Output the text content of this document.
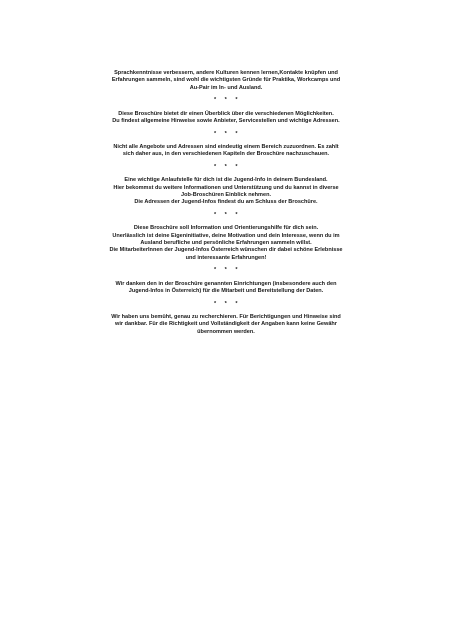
Sprachkenntnisse verbessern, andere Kulturen kennen lernen,Kontakte knüpfen und
Erfahrungen sammeln, sind wohl die wichtigsten Gründe für Praktika, Workcamps und
Au-Pair im In- und Ausland.

* * *

Diese Broschüre bietet dir einen Überblick über die verschiedenen Möglichkeiten.
Du findest allgemeine Hinweise sowie Anbieter, Servicestellen und wichtige Adressen.

* * *

Nicht alle Angebote und Adressen sind eindeutig einem Bereich zuzuordnen. Es zahlt
sich daher aus, in den verschiedenen Kapiteln der Broschüre nachzuschauen.

* * *

Eine wichtige Anlaufstelle für dich ist die Jugend-Info in deinem Bundesland.
Hier bekommst du weitere Informationen und Unterstützung und du kannst in diverse
Job-Broschüren Einblick nehmen.
Die Adressen der Jugend-Infos findest du am Schluss der Broschüre.

* * *

Diese Broschüre soll Information und Orientierungshilfe für dich sein.
Unerlässlich ist deine Eigeninitiative, deine Motivation und dein Interesse, wenn du im
Ausland berufliche und persönliche Erfahrungen sammeln willst.
Die MitarbeiterInnen der Jugend-Infos Österreich wünschen dir dabei schöne Erlebnisse
und interessante Erfahrungen!

* * *

Wir danken den in der Broschüre genannten Einrichtungen (insbesondere auch den
Jugend-Infos in Österreich) für die Mitarbeit und Bereitstellung der Daten.

* * *

Wir haben uns bemüht, genau zu recherchieren. Für Berichtigungen und Hinweise sind
wir dankbar. Für die Richtigkeit und Vollständigkeit der Angaben kann keine Gewähr
übernommen werden.
